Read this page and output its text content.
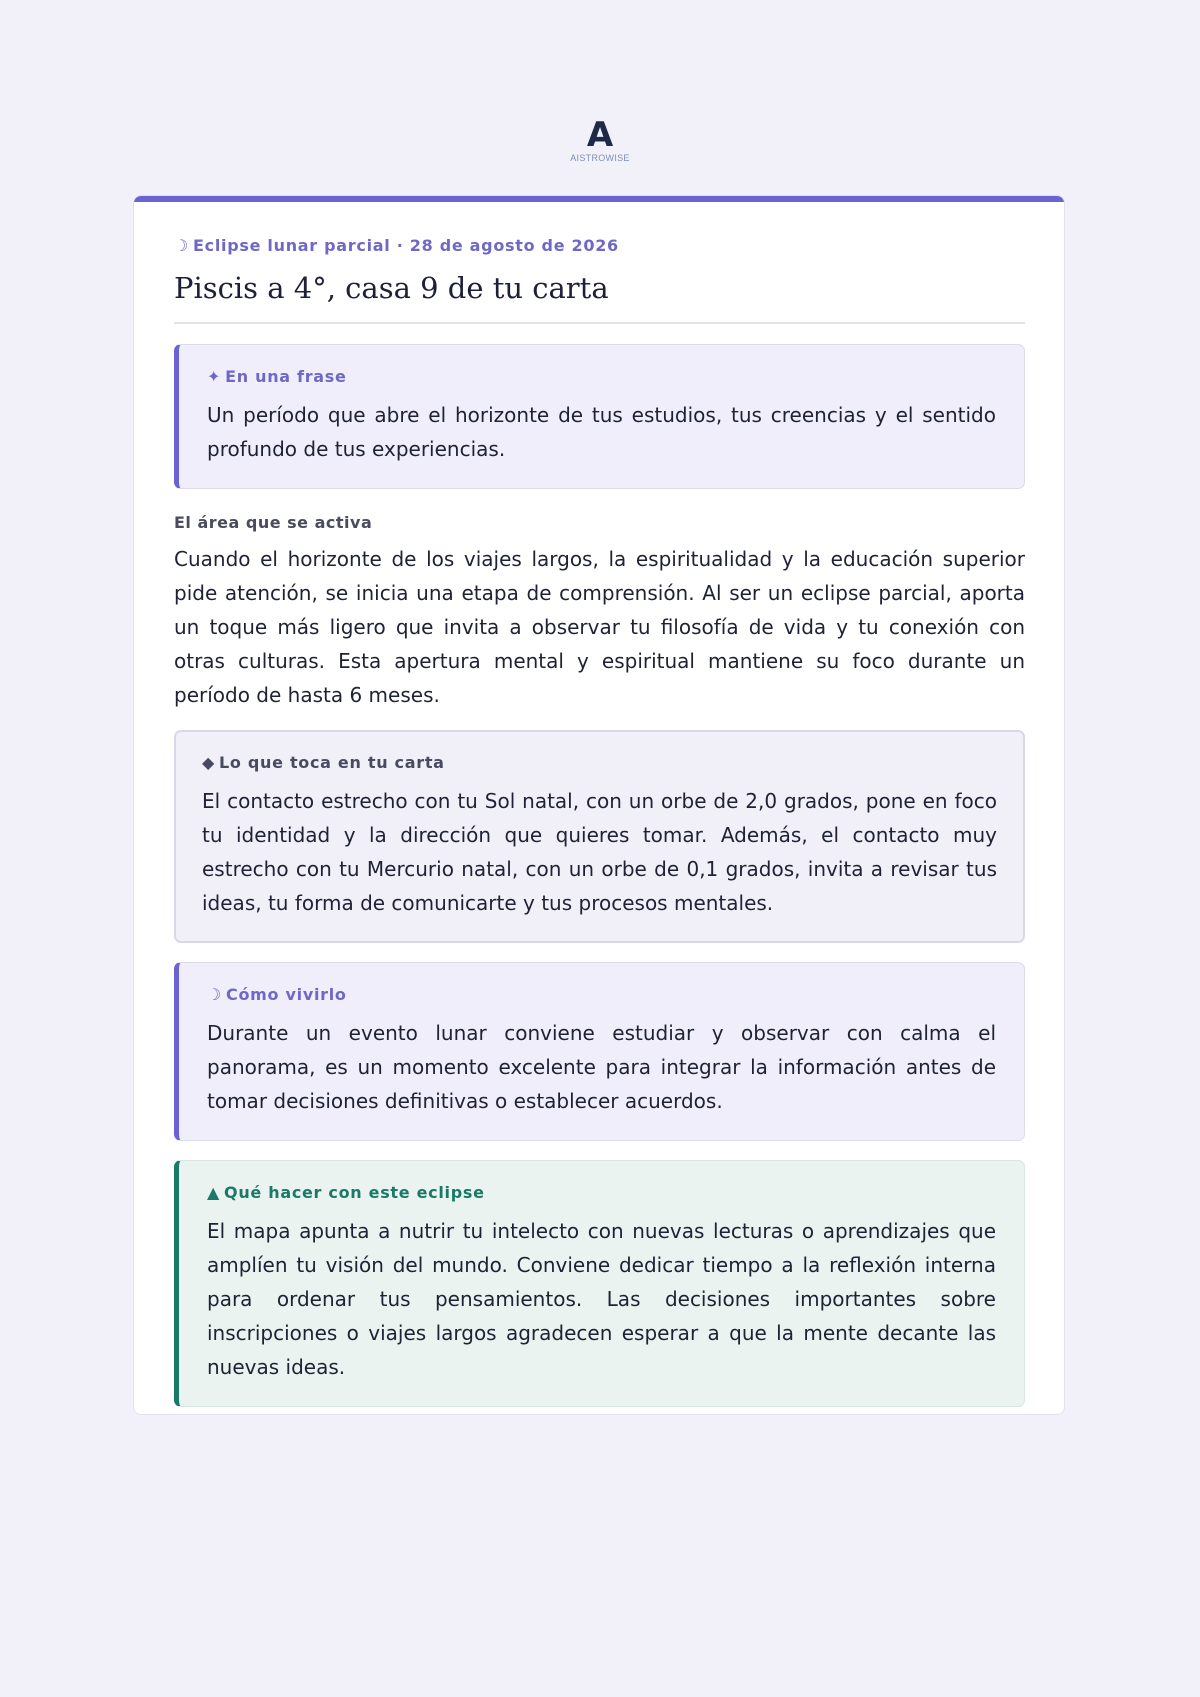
A
AISTROWISE
☽ Eclipse lunar parcial · 28 de agosto de 2026
Piscis a 4°, casa 9 de tu carta
✦ En una frase
Un período que abre el horizonte de tus estudios, tus creencias y el sentido profundo de tus experiencias.
El área que se activa
Cuando el horizonte de los viajes largos, la espiritualidad y la educación superior pide atención, se inicia una etapa de comprensión. Al ser un eclipse parcial, aporta un toque más ligero que invita a observar tu filosofía de vida y tu conexión con otras culturas. Esta apertura mental y espiritual mantiene su foco durante un período de hasta 6 meses.
◆ Lo que toca en tu carta
El contacto estrecho con tu Sol natal, con un orbe de 2,0 grados, pone en foco tu identidad y la dirección que quieres tomar. Además, el contacto muy estrecho con tu Mercurio natal, con un orbe de 0,1 grados, invita a revisar tus ideas, tu forma de comunicarte y tus procesos mentales.
☽ Cómo vivirlo
Durante un evento lunar conviene estudiar y observar con calma el panorama, es un momento excelente para integrar la información antes de tomar decisiones definitivas o establecer acuerdos.
▲ Qué hacer con este eclipse
El mapa apunta a nutrir tu intelecto con nuevas lecturas o aprendizajes que amplíen tu visión del mundo. Conviene dedicar tiempo a la reflexión interna para ordenar tus pensamientos. Las decisiones importantes sobre inscripciones o viajes largos agradecen esperar a que la mente decante las nuevas ideas.
